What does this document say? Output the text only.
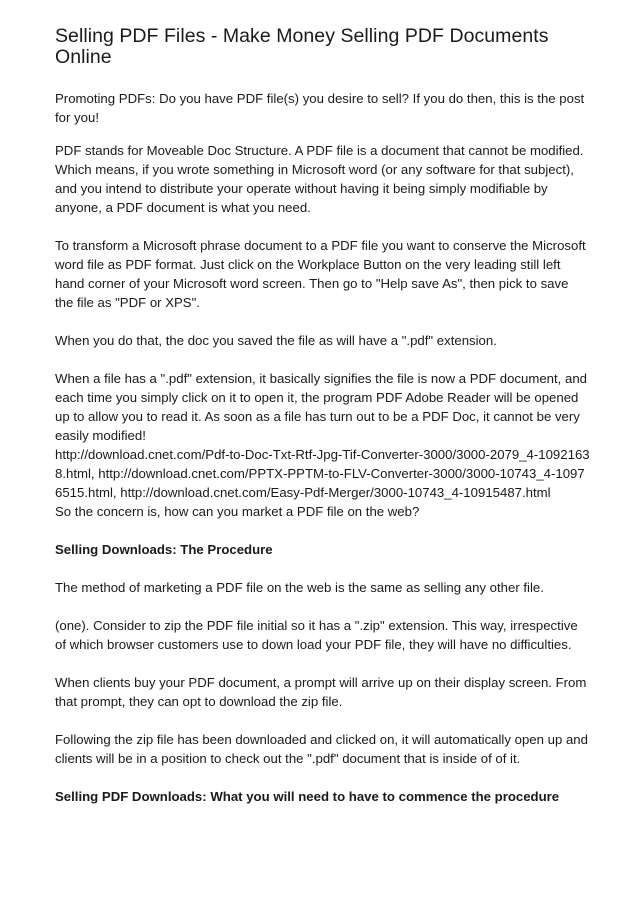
Selling PDF Files - Make Money Selling PDF Documents Online

Promoting PDFs: Do you have PDF file(s) you desire to sell? If you do then, this is the post for you!

PDF stands for Moveable Doc Structure. A PDF file is a document that cannot be modified. Which means, if you wrote something in Microsoft word (or any software for that subject), and you intend to distribute your operate without having it being simply modifiable by anyone, a PDF document is what you need.

To transform a Microsoft phrase document to a PDF file you want to conserve the Microsoft word file as PDF format. Just click on the Workplace Button on the very leading still left hand corner of your Microsoft word screen. Then go to "Help save As", then pick to save the file as "PDF or XPS".

When you do that, the doc you saved the file as will have a ".pdf" extension.

When a file has a ".pdf" extension, it basically signifies the file is now a PDF document, and each time you simply click on it to open it, the program PDF Adobe Reader will be opened up to allow you to read it. As soon as a file has turn out to be a PDF Doc, it cannot be very easily modified!

http://download.cnet.com/Pdf-to-Doc-Txt-Rtf-Jpg-Tif-Converter-3000/3000-2079_4-10921638.html, http://download.cnet.com/PPTX-PPTM-to-FLV-Converter-3000/3000-10743_4-10976515.html, http://download.cnet.com/Easy-Pdf-Merger/3000-10743_4-10915487.html

So the concern is, how can you market a PDF file on the web?

Selling Downloads: The Procedure

The method of marketing a PDF file on the web is the same as selling any other file.

(one). Consider to zip the PDF file initial so it has a ".zip" extension. This way, irrespective of which browser customers use to down load your PDF file, they will have no difficulties.

When clients buy your PDF document, a prompt will arrive up on their display screen. From that prompt, they can opt to download the zip file.

Following the zip file has been downloaded and clicked on, it will automatically open up and clients will be in a position to check out the ".pdf" document that is inside of of it.

Selling PDF Downloads: What you will need to have to commence the procedure
